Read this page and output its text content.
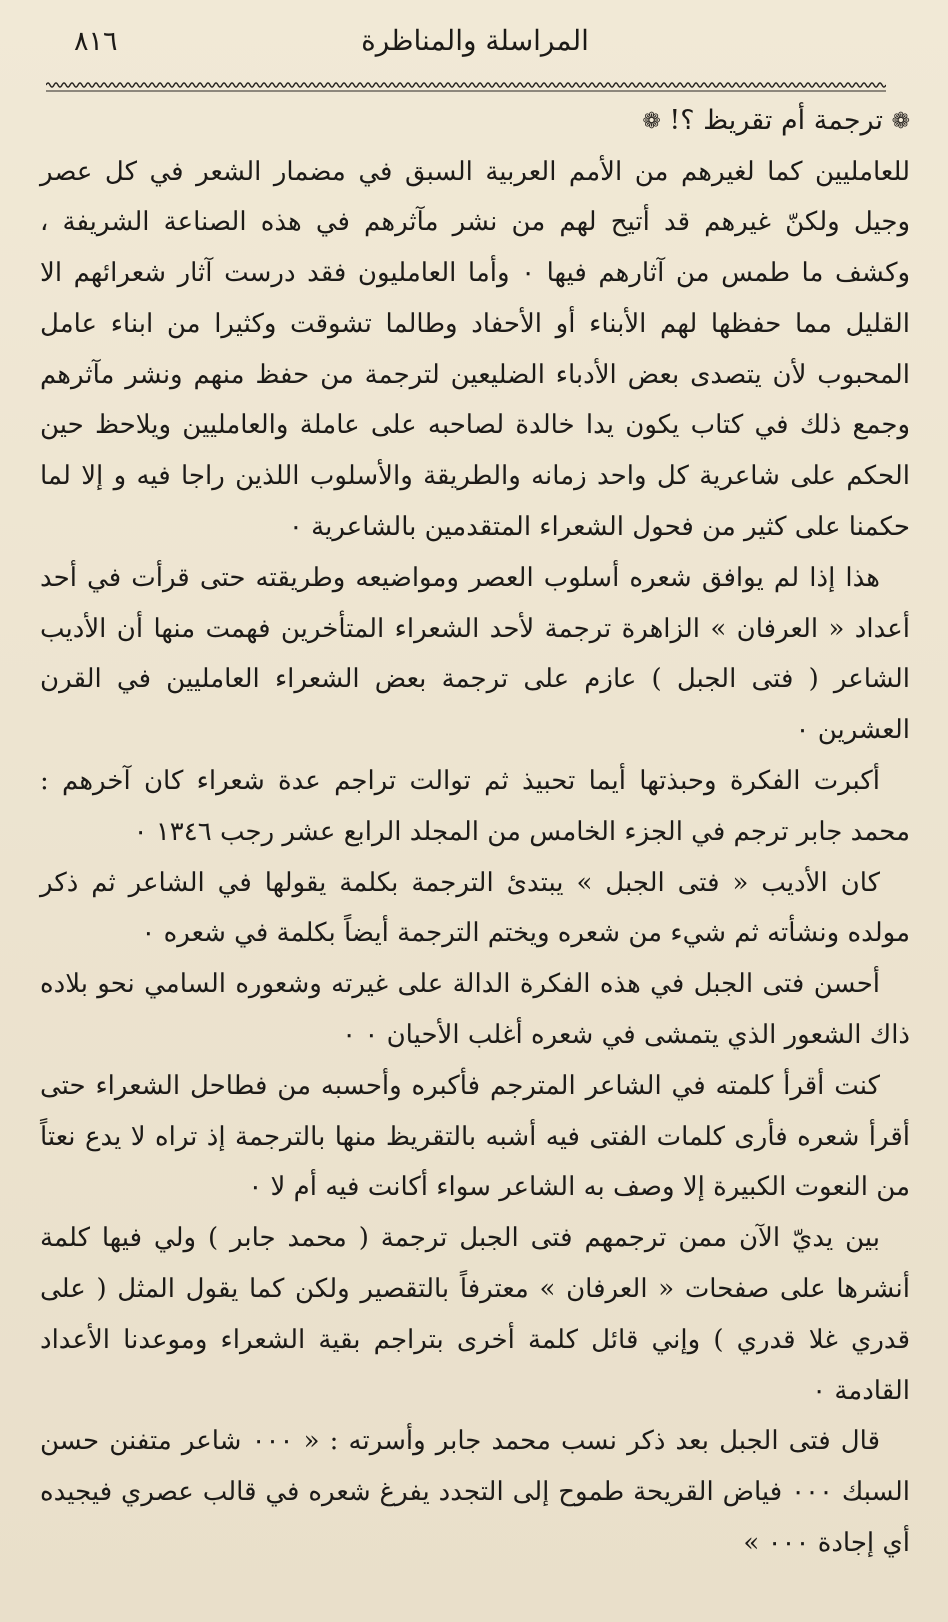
المراسلة والمناظرة
٨١٦
❁ ترجمة أم تقريظ ؟! ❁

للعامليين كما لغيرهم من الأمم العربية السبق في مضمار الشعر في كل عصر وجيل ولكنّ غيرهم قد أتيح لهم من نشر مآثرهم في هذه الصناعة الشريفة ، وكشف ما طمس من آثارهم فيها ٠ وأما العامليون فقد درست آثار شعرائهم الا القليل مما حفظها لهم الأبناء أو الأحفاد وطالما تشوقت وكثيرا من ابناء عامل المحبوب لأن يتصدى بعض الأدباء الضليعين لترجمة من حفظ منهم ونشر مآثرهم وجمع ذلك في كتاب يكون يدا خالدة لصاحبه على عاملة والعامليين ويلاحظ حين الحكم على شاعرية كل واحد زمانه والطريقة والأسلوب اللذين راجا فيه و إلا لما حكمنا على كثير من فحول الشعراء المتقدمين بالشاعرية ٠

هذا إذا لم يوافق شعره أسلوب العصر ومواضيعه وطريقته حتى قرأت في أحد أعداد « العرفان » الزاهرة ترجمة لأحد الشعراء المتأخرين فهمت منها أن الأديب الشاعر ( فتى الجبل ) عازم على ترجمة بعض الشعراء العامليين في القرن العشرين ٠

أكبرت الفكرة وحبذتها أيما تحبيذ ثم توالت تراجم عدة شعراء كان آخرهم : محمد جابر ترجم في الجزء الخامس من المجلد الرابع عشر رجب ١٣٤٦ ٠

كان الأديب « فتى الجبل » يبتدئ الترجمة بكلمة يقولها في الشاعر ثم ذكر مولده ونشأته ثم شيء من شعره ويختم الترجمة أيضاً بكلمة في شعره ٠

أحسن فتى الجبل في هذه الفكرة الدالة على غيرته وشعوره السامي نحو بلاده ذاك الشعور الذي يتمشى في شعره أغلب الأحيان ٠ ٠

كنت أقرأ كلمته في الشاعر المترجم فأكبره وأحسبه من فطاحل الشعراء حتى أقرأ شعره فأرى كلمات الفتى فيه أشبه بالتقريظ منها بالترجمة إذ تراه لا يدع نعتاً من النعوت الكبيرة إلا وصف به الشاعر سواء أكانت فيه أم لا ٠

بين يديّ الآن ممن ترجمهم فتى الجبل ترجمة ( محمد جابر ) ولي فيها كلمة أنشرها على صفحات « العرفان » معترفاً بالتقصير ولكن كما يقول المثل ( على قدري غلا قدري ) وإني قائل كلمة أخرى بتراجم بقية الشعراء وموعدنا الأعداد القادمة ٠

قال فتى الجبل بعد ذكر نسب محمد جابر وأسرته : « ٠٠٠ شاعر متفنن حسن السبك ٠٠٠ فياض القريحة طموح إلى التجدد يفرغ شعره في قالب عصري فيجيده أي إجادة ٠٠٠ »
